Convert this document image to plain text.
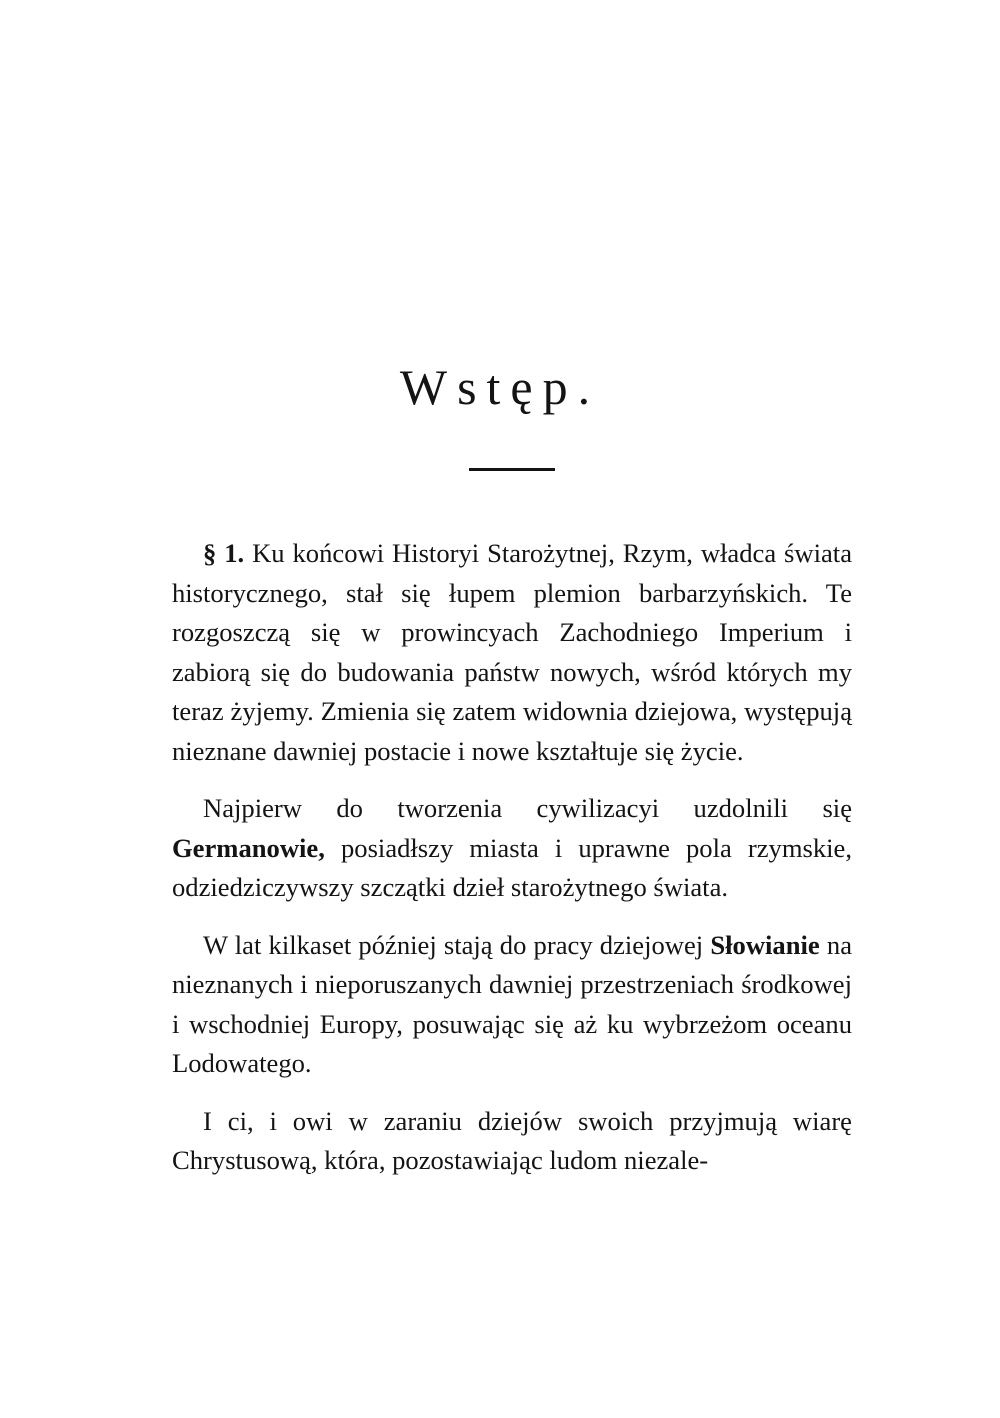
Wstęp.

§ 1. Ku końcowi Historyi Starożytnej, Rzym, władca świata historycznego, stał się łupem plemion barbarzyńskich. Te rozgoszczą się w prowincyach Zachodniego Imperium i zabiorą się do budowania państw nowych, wśród których my teraz żyjemy. Zmienia się zatem widownia dziejowa, występują nieznane dawniej postacie i nowe kształtuje się życie.

Najpierw do tworzenia cywilizacyi uzdolnili się Germanowie, posiadłszy miasta i uprawne pola rzymskie, odziedziczywszy szczątki dzieł starożytnego świata.

W lat kilkaset później stają do pracy dziejowej Słowianie na nieznanych i nieporuszanych dawniej przestrzeniach środkowej i wschodniej Europy, posuwając się aż ku wybrzeżom oceanu Lodowatego.

I ci, i owi w zaraniu dziejów swoich przyjmują wiarę Chrystusową, która, pozostawiając ludom niezale-
